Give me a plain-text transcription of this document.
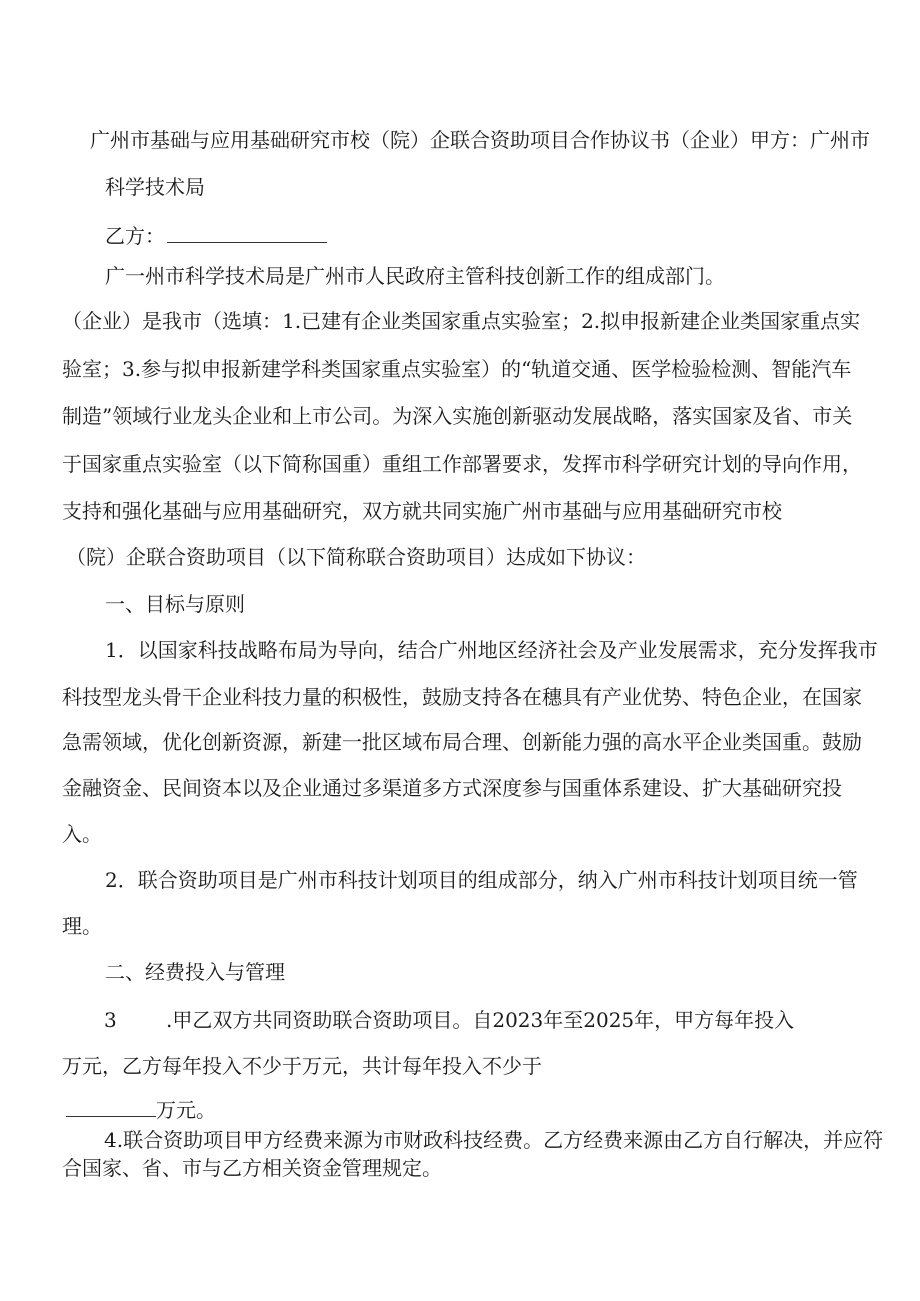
广州市基础与应用基础研究市校（院）企联合资助项目合作协议书（企业）甲方：广州市
科学技术局
乙方：
广一州市科学技术局是广州市人民政府主管科技创新工作的组成部门。
（企业）是我市（选填：1.已建有企业类国家重点实验室；2.拟申报新建企业类国家重点实
验室；3.参与拟申报新建学科类国家重点实验室）的“轨道交通、医学检验检测、智能汽车
制造”领域行业龙头企业和上市公司。为深入实施创新驱动发展战略，落实国家及省、市关
于国家重点实验室（以下简称国重）重组工作部署要求，发挥市科学研究计划的导向作用，
支持和强化基础与应用基础研究，双方就共同实施广州市基础与应用基础研究市校
（院）企联合资助项目（以下简称联合资助项目）达成如下协议：
一、目标与原则
1．以国家科技战略布局为导向，结合广州地区经济社会及产业发展需求，充分发挥我市
科技型龙头骨干企业科技力量的积极性，鼓励支持各在穗具有产业优势、特色企业，在国家
急需领域，优化创新资源，新建一批区域布局合理、创新能力强的高水平企业类国重。鼓励
金融资金、民间资本以及企业通过多渠道多方式深度参与国重体系建设、扩大基础研究投
入。
2．联合资助项目是广州市科技计划项目的组成部分，纳入广州市科技计划项目统一管
理。
二、经费投入与管理
3 .甲乙双方共同资助联合资助项目。自2023年至2025年，甲方每年投入
万元，乙方每年投入不少于万元，共计每年投入不少于
万元。
4.联合资助项目甲方经费来源为市财政科技经费。乙方经费来源由乙方自行解决，并应符
合国家、省、市与乙方相关资金管理规定。
